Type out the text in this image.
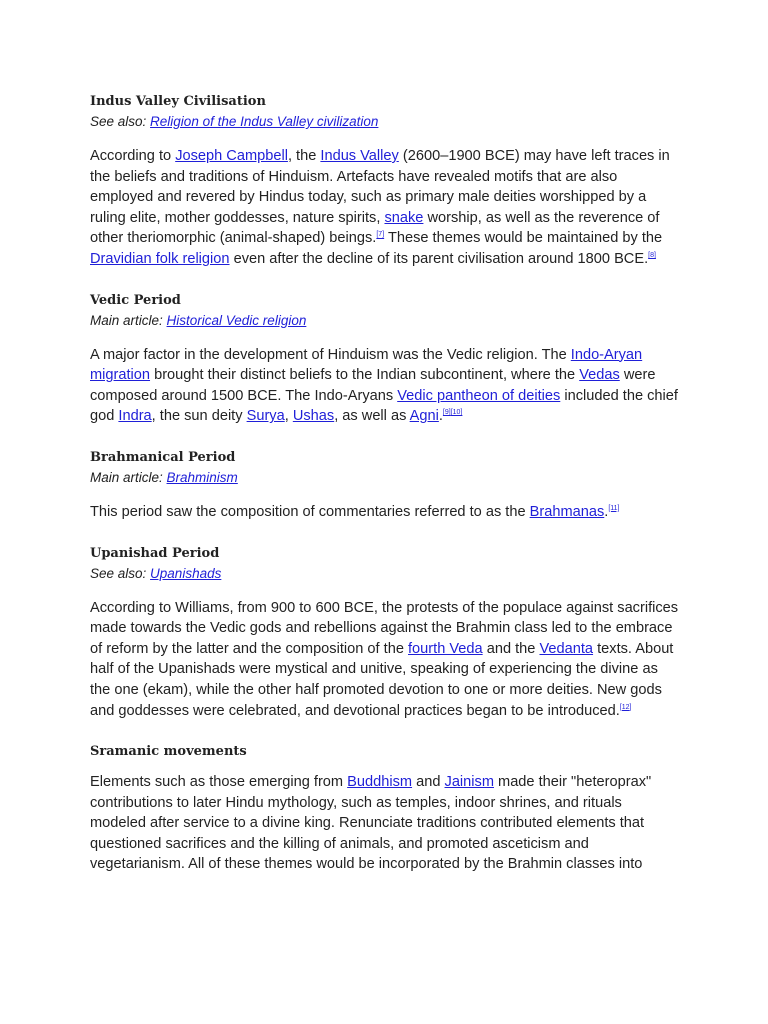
Indus Valley Civilisation

See also: Religion of the Indus Valley civilization

According to Joseph Campbell, the Indus Valley (2600–1900 BCE) may have left traces in the beliefs and traditions of Hinduism. Artefacts have revealed motifs that are also employed and revered by Hindus today, such as primary male deities worshipped by a ruling elite, mother goddesses, nature spirits, snake worship, as well as the reverence of other theriomorphic (animal-shaped) beings.[7] These themes would be maintained by the Dravidian folk religion even after the decline of its parent civilisation around 1800 BCE.[8]

Vedic Period

Main article: Historical Vedic religion

A major factor in the development of Hinduism was the Vedic religion. The Indo-Aryan migration brought their distinct beliefs to the Indian subcontinent, where the Vedas were composed around 1500 BCE. The Indo-Aryans Vedic pantheon of deities included the chief god Indra, the sun deity Surya, Ushas, as well as Agni.[9][10]

Brahmanical Period

Main article: Brahminism

This period saw the composition of commentaries referred to as the Brahmanas.[11]

Upanishad Period

See also: Upanishads

According to Williams, from 900 to 600 BCE, the protests of the populace against sacrifices made towards the Vedic gods and rebellions against the Brahmin class led to the embrace of reform by the latter and the composition of the fourth Veda and the Vedanta texts. About half of the Upanishads were mystical and unitive, speaking of experiencing the divine as the one (ekam), while the other half promoted devotion to one or more deities. New gods and goddesses were celebrated, and devotional practices began to be introduced.[12]

Sramanic movements

Elements such as those emerging from Buddhism and Jainism made their "heteroprax" contributions to later Hindu mythology, such as temples, indoor shrines, and rituals modeled after service to a divine king. Renunciate traditions contributed elements that questioned sacrifices and the killing of animals, and promoted asceticism and vegetarianism. All of these themes would be incorporated by the Brahmin classes into
